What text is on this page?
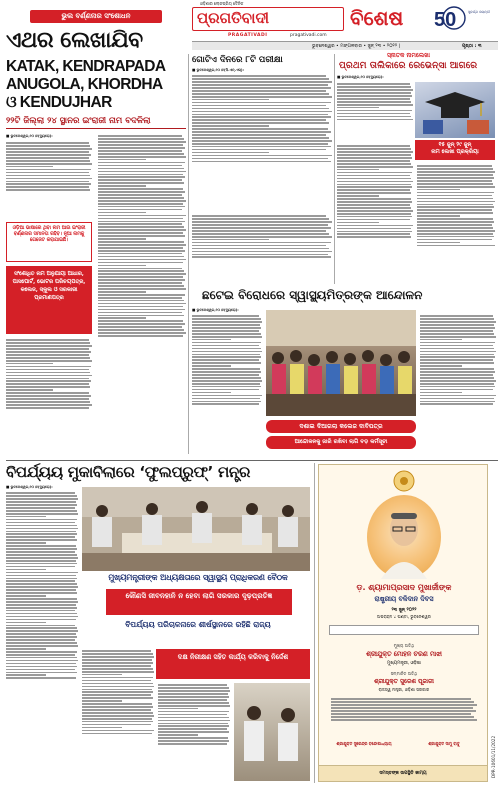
ଓଡ଼ିଶାର ଲୋକପ୍ରିୟ ଦୈନିକ
ପ୍ରଗତିବାଦୀ
PRAGATIVADI	pragativadi.com
ବିଶେଷ 50	ସୁବର୍ଣ୍ଣ ଜୟନ୍ତୀ
ଭୁବନେଶ୍ୱର • ମଙ୍ଗଳବାର • ଜୁନ୍ ୨୩ • ୨୦୨୨ |	ପୃଷ୍ଠା : ୩
ଭୁଲ ବର୍ଣ୍ଣନାର ସଂଶୋଧନ
ଏଥର ଲେଖାଯିବ
KATAK, KENDRAPADA
ANUGOLA, KHORDHA
ଓ KENDUJHAR
୨୨ଟି ଜିଲ୍ଲା ୨୪ ସ୍ଥାନର ଇଂରାଜୀ ନାମ ବଦଳିଲା
■ ଭୁବନେଶ୍ୱର,୨୦।୬(ବ୍ୟୁରୋ):
ଓଡ଼ିଆ ଭାଷାରେ ଥିବା ନାମ ଆଉ ଇଂରାଜୀ ବର୍ଣ୍ଣନାର ସମାନତା ରହିବ। ନୂଆ ନାମକୁ ଗେଜେଟ କରାଯାଇଛି।
ସଂଶୋଧିତ ନାମ ଅନୁଯାୟୀ ଆଧାର, ପାସପୋର୍ଟ, ଭୋଟର ପରିଚୟପତ୍ର, କଲେଜ, ସ୍କୁଲ ଓ ସରକାରୀ ପ୍ରମାଣପତ୍ର
ଗୋଟିଏ ଦିନରେ ୮ଟି ପରୀକ୍ଷା
■ ଭୁବନେଶ୍ୱର,୨୦।୬(ପି.ଏନ୍.ଏସ୍):
ସ୍ନାତକ ନାମଲେଖା
ପ୍ରଥମ ତାଲିକାରେ ରେଭେନ୍ସା ଆଗରେ
■ ଭୁବନେଶ୍ୱର,୨୦।୬(ବ୍ୟୁରୋ):
୧୫ ଜୁନ୍ ୨୯ ଜୁନ୍
ନାମ ଲେଖା ପ୍ରକ୍ରିୟା
ଛଟେଇ ବିରୋଧରେ ସ୍ୱାସ୍ଥ୍ୟମିତ୍ରଙ୍କ ଆନ୍ଦୋଳନ
■ ଭୁବନେଶ୍ୱର,୨୦।୬(ବ୍ୟୁରୋ):
ଦଶାଇ ଦିଆଗଲା କଲେଜ ଦାବିପତ୍ର
ଆନ୍ଦୋଳନକୁ ଜାରି ରଖିବା ଲାଗି ବଡ଼ କର୍ମସୂଚୀ
ବିପର୍ଯ୍ୟୟ ମୁକାବିଲାରେ ‘ଫୁଲପ୍ରୁଫ୍’ ମନ୍ତ୍ର
■ ଭୁବନେଶ୍ୱର,୨୦।୬(ବ୍ୟୁରୋ):
ମୁଖ୍ୟମନ୍ତ୍ରୀଙ୍କ ଅଧ୍ୟକ୍ଷତାରେ ସ୍ୱାସ୍ଥ୍ୟ ପ୍ରାଧିକରଣ ବୈଠକ
କୌଣସି ଜୀବନହାନି ନ ହେବା ଲାଗି ସରକାର ଦୃଢ଼ପ୍ରତିଜ୍ଞ
ବିପର୍ଯ୍ୟୟ ପରିଚାଳନାରେ ଶୀର୍ଷସ୍ଥାନରେ ରହିଛି ରାଜ୍ୟ
ଦକ୍ଷ ନିରୀକ୍ଷଣ ସହିତ କାର୍ଯ୍ୟ କରିବାକୁ ନିର୍ଦ୍ଦେଶ
ଡ଼. ଶ୍ୟାମାପ୍ରସାଦ ମୁଖାର୍ଜୀଙ୍କ
ରାଷ୍ଟ୍ରୀୟ ବଳିଦାନ ଦିବସ
୨୩ ଜୁନ୍ ୨୦୨୨
ଅପରାହ୍ନ ୪ ଘଣ୍ଟା, ଭୁବନେଶ୍ୱର
ମୁଖ୍ୟ ଅତିଥି
ଶ୍ରୀଯୁକ୍ତ ମୋହନ ଚରଣ ମାଝୀ
ମୁଖ୍ୟମନ୍ତ୍ରୀ, ଓଡ଼ିଶା
ସମ୍ମାନିତ ଅତିଥି
ଶ୍ରୀଯୁକ୍ତ ସୁରେଶ ପୂଜାରୀ
ରାଜସ୍ୱ ମନ୍ତ୍ରୀ, ଓଡ଼ିଶା ସରକାର
ଶ୍ରୀଯୁକ୍ତ ସୁରେନ୍ଦ୍ର ବନ୍ଦୋପାଧ୍ୟାୟ	ଶ୍ରୀଯୁକ୍ତ ସାମୁ ବାବୁ
ସମସ୍ତଙ୍କ ଉପସ୍ଥିତି କାମ୍ୟ	DPR-10601/11/2022
